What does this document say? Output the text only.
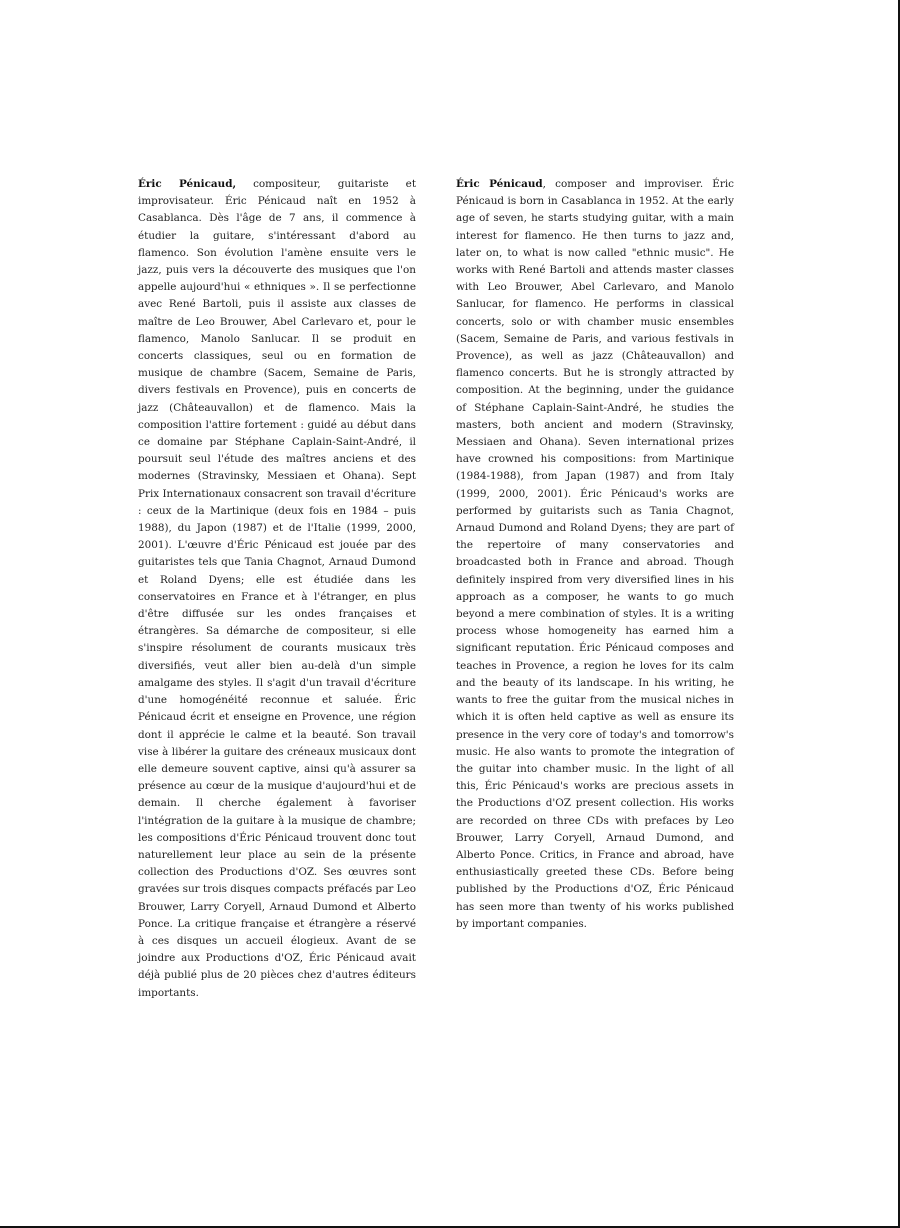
Éric Pénicaud, compositeur, guitariste et improvisateur. Éric Pénicaud naît en 1952 à Casablanca. Dès l'âge de 7 ans, il commence à étudier la guitare, s'intéressant d'abord au flamenco. Son évolution l'amène ensuite vers le jazz, puis vers la découverte des musiques que l'on appelle aujourd'hui « ethniques ». Il se perfectionne avec René Bartoli, puis il assiste aux classes de maître de Leo Brouwer, Abel Carlevaro et, pour le flamenco, Manolo Sanlucar. Il se produit en concerts classiques, seul ou en formation de musique de chambre (Sacem, Semaine de Paris, divers festivals en Provence), puis en concerts de jazz (Châteauvallon) et de flamenco. Mais la composition l'attire fortement : guidé au début dans ce domaine par Stéphane Caplain-Saint-André, il poursuit seul l'étude des maîtres anciens et des modernes (Stravinsky, Messiaen et Ohana). Sept Prix Internationaux consacrent son travail d'écriture : ceux de la Martinique (deux fois en 1984 – puis 1988), du Japon (1987) et de l'Italie (1999, 2000, 2001). L'œuvre d'Éric Pénicaud est jouée par des guitaristes tels que Tania Chagnot, Arnaud Dumond et Roland Dyens; elle est étudiée dans les conservatoires en France et à l'étranger, en plus d'être diffusée sur les ondes françaises et étrangères. Sa démarche de compositeur, si elle s'inspire résolument de courants musicaux très diversifiés, veut aller bien au-delà d'un simple amalgame des styles. Il s'agit d'un travail d'écriture d'une homogénéité reconnue et saluée. Éric Pénicaud écrit et enseigne en Provence, une région dont il apprécie le calme et la beauté. Son travail vise à libérer la guitare des créneaux musicaux dont elle demeure souvent captive, ainsi qu'à assurer sa présence au cœur de la musique d'aujourd'hui et de demain. Il cherche également à favoriser l'intégration de la guitare à la musique de chambre; les compositions d'Éric Pénicaud trouvent donc tout naturellement leur place au sein de la présente collection des Productions d'OZ. Ses œuvres sont gravées sur trois disques compacts préfacés par Leo Brouwer, Larry Coryell, Arnaud Dumond et Alberto Ponce. La critique française et étrangère a réservé à ces disques un accueil élogieux. Avant de se joindre aux Productions d'OZ, Éric Pénicaud avait déjà publié plus de 20 pièces chez d'autres éditeurs importants.
Éric Pénicaud, composer and improviser. Éric Pénicaud is born in Casablanca in 1952. At the early age of seven, he starts studying guitar, with a main interest for flamenco. He then turns to jazz and, later on, to what is now called "ethnic music". He works with René Bartoli and attends master classes with Leo Brouwer, Abel Carlevaro, and Manolo Sanlucar, for flamenco. He performs in classical concerts, solo or with chamber music ensembles (Sacem, Semaine de Paris, and various festivals in Provence), as well as jazz (Châteauvallon) and flamenco concerts. But he is strongly attracted by composition. At the beginning, under the guidance of Stéphane Caplain-Saint-André, he studies the masters, both ancient and modern (Stravinsky, Messiaen and Ohana). Seven international prizes have crowned his compositions: from Martinique (1984-1988), from Japan (1987) and from Italy (1999, 2000, 2001). Éric Pénicaud's works are performed by guitarists such as Tania Chagnot, Arnaud Dumond and Roland Dyens; they are part of the repertoire of many conservatories and broadcasted both in France and abroad. Though definitely inspired from very diversified lines in his approach as a composer, he wants to go much beyond a mere combination of styles. It is a writing process whose homogeneity has earned him a significant reputation. Éric Pénicaud composes and teaches in Provence, a region he loves for its calm and the beauty of its landscape. In his writing, he wants to free the guitar from the musical niches in which it is often held captive as well as ensure its presence in the very core of today's and tomorrow's music. He also wants to promote the integration of the guitar into chamber music. In the light of all this, Éric Pénicaud's works are precious assets in the Productions d'OZ present collection. His works are recorded on three CDs with prefaces by Leo Brouwer, Larry Coryell, Arnaud Dumond, and Alberto Ponce. Critics, in France and abroad, have enthusiastically greeted these CDs. Before being published by the Productions d'OZ, Éric Pénicaud has seen more than twenty of his works published by important companies.
